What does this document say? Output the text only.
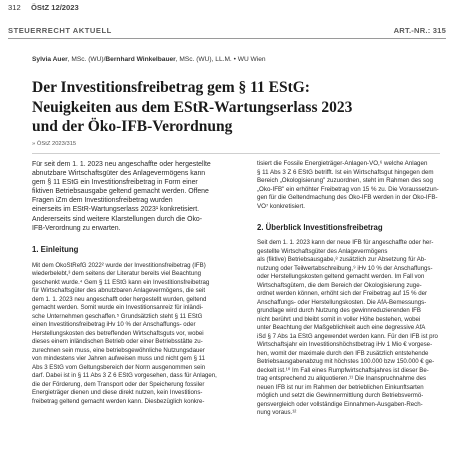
312 ÖStZ 12/2023
STEUERRECHT AKTUELL	ART.-NR.: 315
Sylvia Auer, MSc. (WU)/Bernhard Winkelbauer, MSc. (WU), LL.M. • WU Wien
Der Investitionsfreibetrag gem § 11 EStG:
Neuigkeiten aus dem EStR-Wartungserlass 2023
und der Öko-IFB-Verordnung
» ÖStZ 2023/315
Für seit dem 1. 1. 2023 neu angeschaffte oder hergestellte
abnutzbare Wirtschaftsgüter des Anlagevermögens kann
gem § 11 EStG ein Investitionsfreibetrag in Form einer
fiktiven Betriebsausgabe geltend gemacht werden. Offene
Fragen iZm dem Investitionsfreibetrag wurden
einerseits im EStR-Wartungserlass 2023¹ konkretisiert.
Andererseits sind weitere Klarstellungen durch die Öko-
IFB-Verordnung zu erwarten.
1. Einleitung
Mit dem ÖkoStRefG 2022² wurde der Investitionsfreibetrag (IFB)
wiederbelebt,³ dem seitens der Literatur bereits viel Beachtung
geschenkt wurde.⁴ Gem § 11 EStG kann ein Investitionsfreibetrag
für Wirtschaftsgüter des abnutzbaren Anlagevermögens, die seit
dem 1. 1. 2023 neu angeschafft oder hergestellt wurden, geltend
gemacht werden. Somit wurde ein Investitionsanreiz für inländi-
sche Unternehmen geschaffen.⁵ Grundsätzlich steht § 11 EStG
einen Investitionsfreibetrag iHv 10 % der Anschaffungs- oder
Herstellungskosten des betreffenden Wirtschaftsguts vor, wobei
dieses einem inländischen Betrieb oder einer Betriebsstätte zu-
zurechnen sein muss, eine betriebsgewöhnliche Nutzungsdauer
von mindestens vier Jahren aufweisen muss und nicht gem § 11
Abs 3 EStG vom Geltungsbereich der Norm ausgenommen sein
darf. Dabei ist in § 11 Abs 3 Z 6 EStG vorgesehen, dass für Anlagen,
die der Förderung, dem Transport oder der Speicherung fossiler
Energieträger dienen und diese direkt nutzen, kein Investitions-
freibetrag geltend gemacht werden kann. Diesbezüglich konkre-
tisiert die Fossile Energieträger-Anlagen-VO,⁶ welche Anlagen
§ 11 Abs 3 Z 6 EStG betrifft. Ist ein Wirtschaftsgut hingegen dem
Bereich „Ökologisierung" zuzuordnen, steht im Rahmen des sog
„Öko-IFB" ein erhöhter Freibetrag von 15 % zu. Die Voraussetzun-
gen für die Geltendmachung des Öko-IFB werden in der Öko-IFB-
VO⁷ konkretisiert.
2. Überblick Investitionsfreibetrag
Seit dem 1. 1. 2023 kann der neue IFB für angeschaffte oder her-
gestellte Wirtschaftsgüter des Anlagevermögens
als (fiktive) Betriebsausgabe,⁸ zusätzlich zur Absetzung für Ab-
nutzung oder Teilwertabschreibung,⁹ iHv 10 % der Anschaffungs-
oder Herstellungskosten geltend gemacht werden. Im Fall von
Wirtschaftsgütern, die dem Bereich der Ökologisierung zuge-
ordnet werden können, erhöht sich der Freibetrag auf 15 % der
Anschaffungs- oder Herstellungskosten. Die AfA-Bemessungs-
grundlage wird durch Nutzung des gewinnreduzierenden IFB
nicht berührt und bleibt somit in voller Höhe bestehen, wobei
unter Beachtung der Maßgeblichkeit auch eine degressive AfA
iSd § 7 Abs 1a EStG angewendet werden kann. Für den IFB ist pro
Wirtschaftsjahr ein Investitionshöchstbetrag iHv 1 Mio € vorgese-
hen, womit der maximale durch den IFB zusätzlich entstehende
Betriebsausgabenabzug mit höchstes 100.000 bzw 150.000 € ge-
deckelt ist.¹⁰ Im Fall eines Rumpfwirtschaftsjahres ist dieser Be-
trag entsprechend zu aliquotieren.¹¹ Die Inanspruchnahme des
neuen IFB ist nur im Rahmen der betrieblichen Einkunftsarten
möglich und setzt die Gewinnermittlung durch Betriebsvermö-
gensvergleich oder vollständige Einnahmen-Ausgaben-Rech-
nung voraus.¹²
